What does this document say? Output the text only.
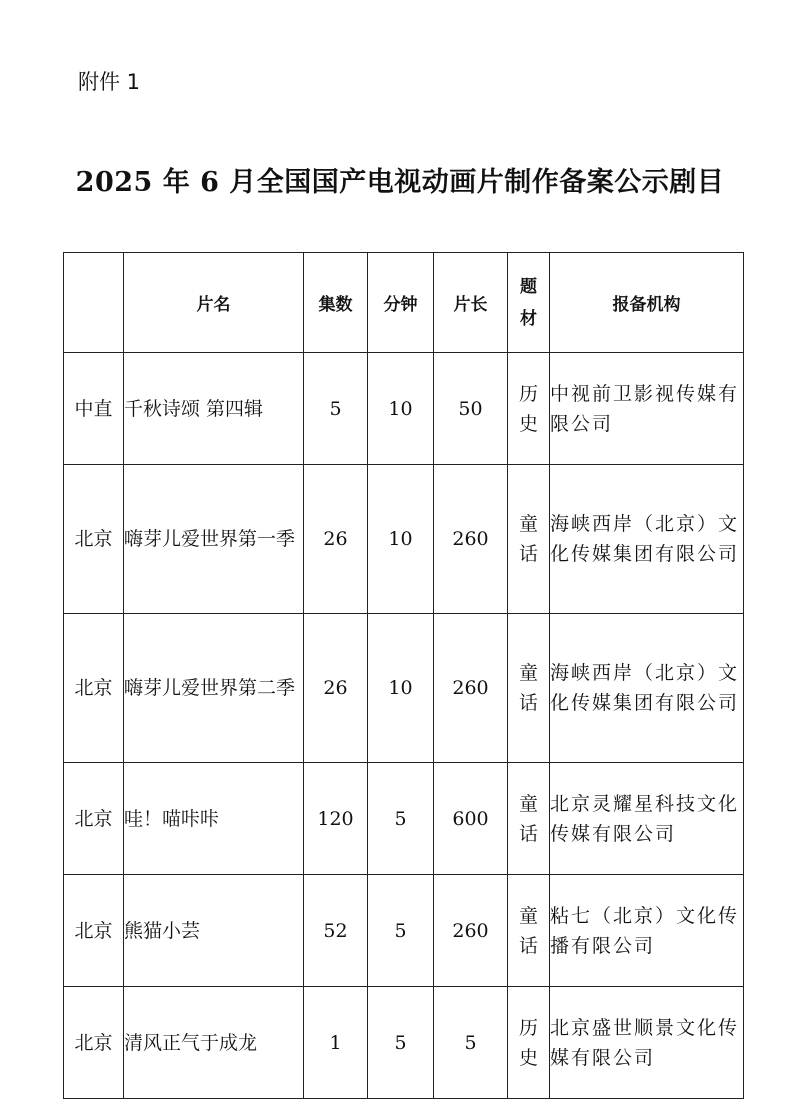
附件 1
2025 年 6 月全国国产电视动画片制作备案公示剧目
	片名	集数	分钟	片长	题材	报备机构
中直	千秋诗颂 第四辑	5	10	50	历史	中视前卫影视传媒有限公司
北京	嗨芽儿爱世界第一季	26	10	260	童话	海峡西岸（北京）文化传媒集团有限公司
北京	嗨芽儿爱世界第二季	26	10	260	童话	海峡西岸（北京）文化传媒集团有限公司
北京	哇！喵咔咔	120	5	600	童话	北京灵耀星科技文化传媒有限公司
北京	熊猫小芸	52	5	260	童话	粘七（北京）文化传播有限公司
北京	清风正气于成龙	1	5	5	历史	北京盛世顺景文化传媒有限公司
